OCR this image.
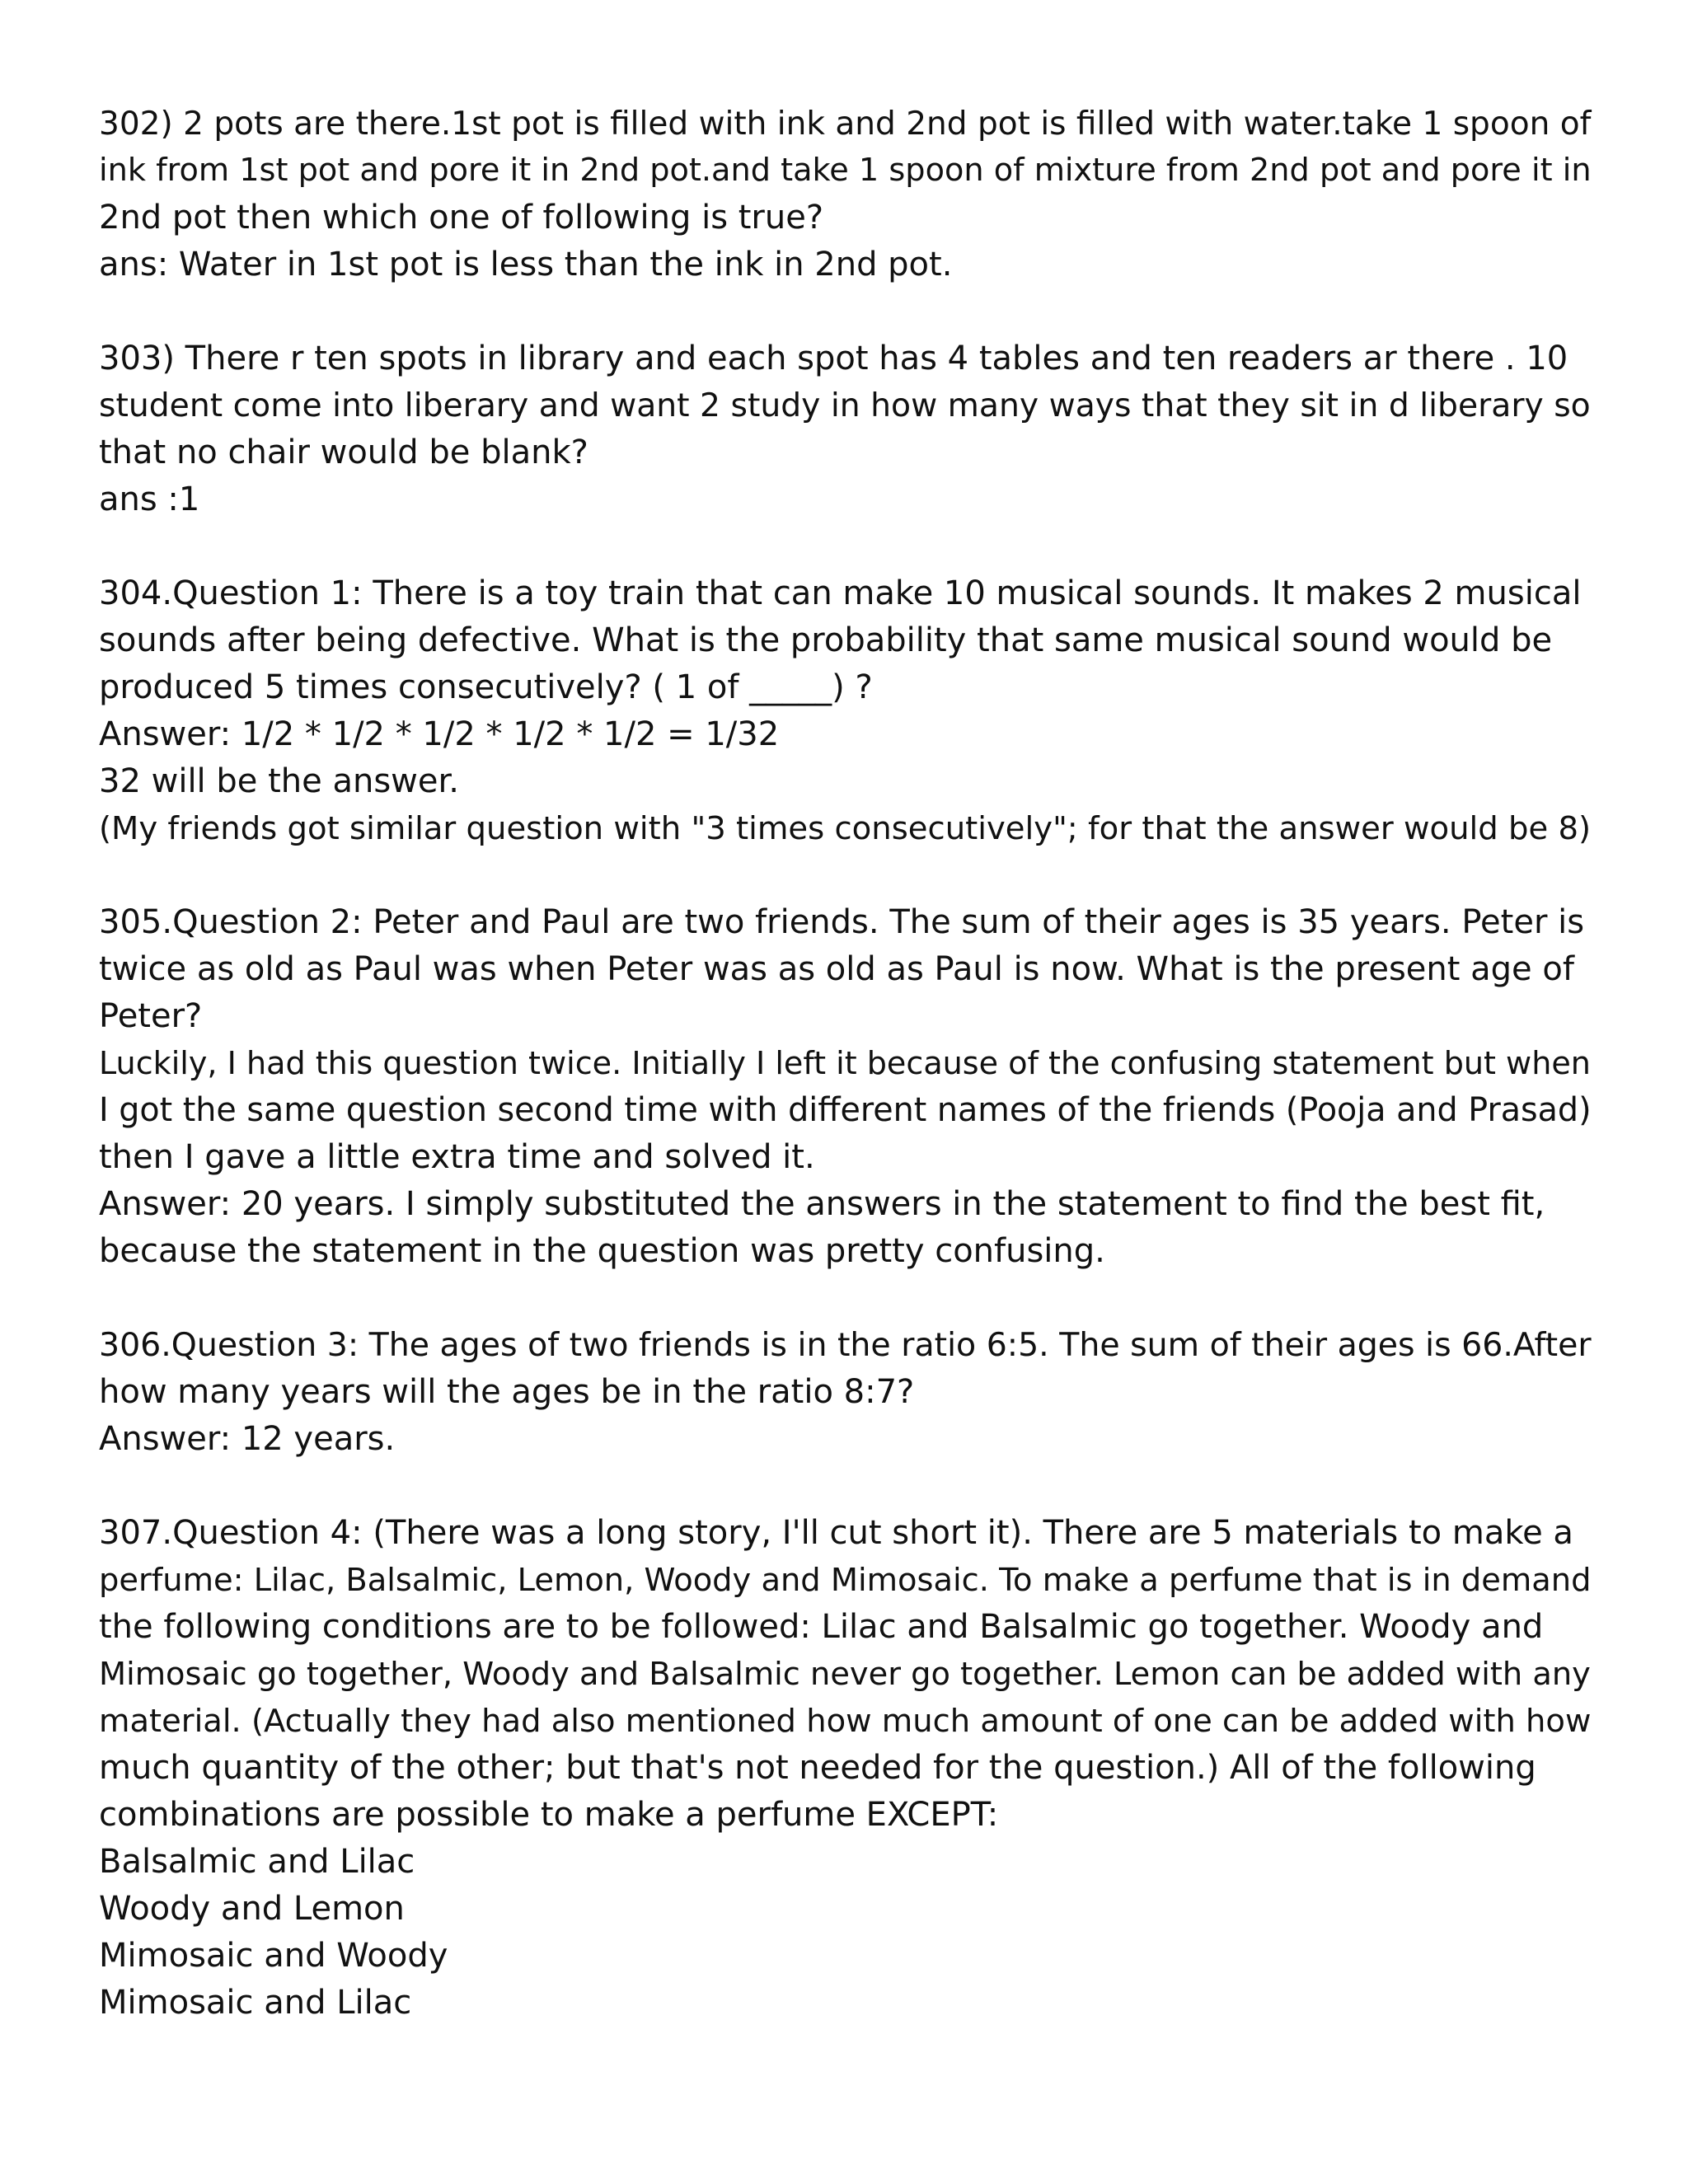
302) 2 pots are there.1st pot is filled with ink and 2nd pot is filled with water.take 1 spoon of
ink from 1st pot and pore it in 2nd pot.and take 1 spoon of mixture from 2nd pot and pore it in
2nd pot then which one of following is true?
ans: Water in 1st pot is less than the ink in 2nd pot.
303) There r ten spots in library and each spot has 4 tables and ten readers ar there . 10
student come into liberary and want 2 study in how many ways that they sit in d liberary so
that no chair would be blank?
ans :1
304.Question 1: There is a toy train that can make 10 musical sounds. It makes 2 musical
sounds after being defective. What is the probability that same musical sound would be
produced 5 times consecutively? ( 1 of _____) ?
Answer: 1/2 * 1/2 * 1/2 * 1/2 * 1/2 = 1/32
32 will be the answer.
(My friends got similar question with "3 times consecutively"; for that the answer would be 8)
305.Question 2: Peter and Paul are two friends. The sum of their ages is 35 years. Peter is
twice as old as Paul was when Peter was as old as Paul is now. What is the present age of
Peter?
Luckily, I had this question twice. Initially I left it because of the confusing statement but when
I got the same question second time with different names of the friends (Pooja and Prasad)
then I gave a little extra time and solved it.
Answer: 20 years. I simply substituted the answers in the statement to find the best fit,
because the statement in the question was pretty confusing.
306.Question 3: The ages of two friends is in the ratio 6:5. The sum of their ages is 66.After
how many years will the ages be in the ratio 8:7?
Answer: 12 years.
307.Question 4: (There was a long story, I'll cut short it). There are 5 materials to make a
perfume: Lilac, Balsalmic, Lemon, Woody and Mimosaic. To make a perfume that is in demand
the following conditions are to be followed: Lilac and Balsalmic go together. Woody and
Mimosaic go together, Woody and Balsalmic never go together. Lemon can be added with any
material. (Actually they had also mentioned how much amount of one can be added with how
much quantity of the other; but that's not needed for the question.) All of the following
combinations are possible to make a perfume EXCEPT:
Balsalmic and Lilac
Woody and Lemon
Mimosaic and Woody
Mimosaic and Lilac
